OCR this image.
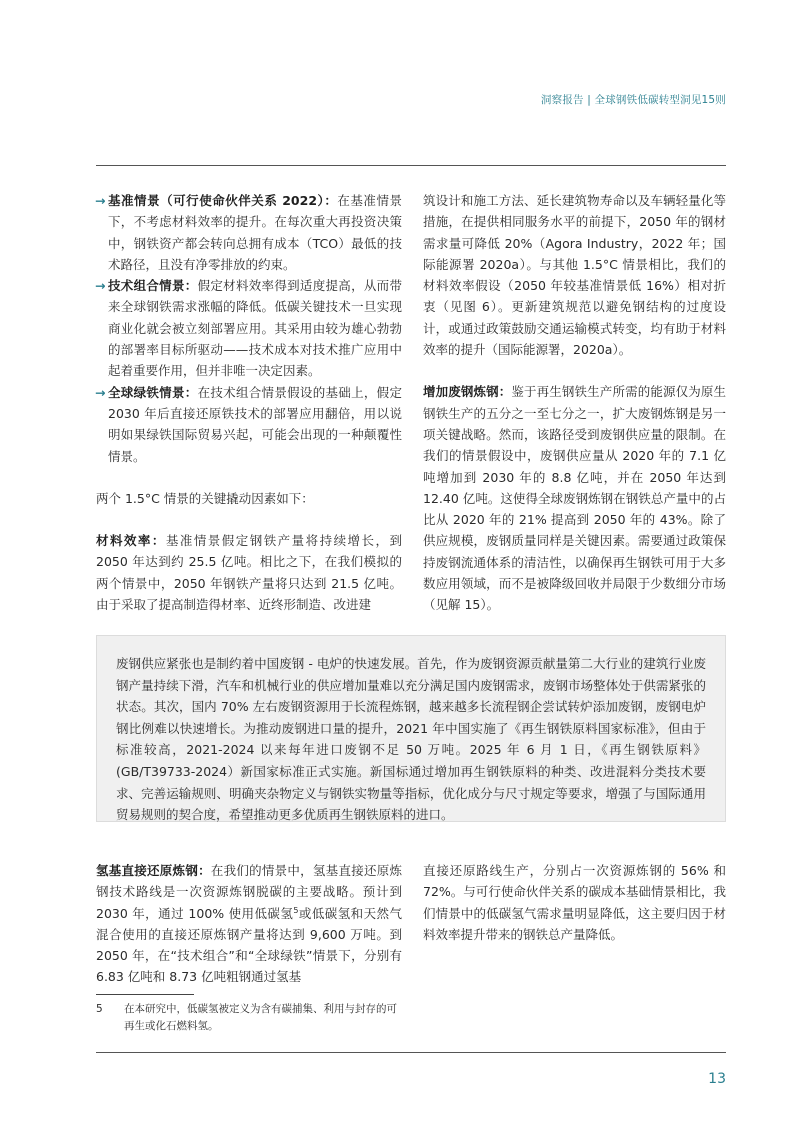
洞察报告 | 全球钢铁低碳转型洞见15则
→ 基准情景（可行使命伙伴关系 2022）：在基准情景下，不考虑材料效率的提升。在每次重大再投资决策中，钢铁资产都会转向总拥有成本（TCO）最低的技术路径，且没有净零排放的约束。
→ 技术组合情景：假定材料效率得到适度提高，从而带来全球钢铁需求涨幅的降低。低碳关键技术一旦实现商业化就会被立刻部署应用。其采用由较为雄心勃勃的部署率目标所驱动——技术成本对技术推广应用中起着重要作用，但并非唯一决定因素。
→ 全球绿铁情景：在技术组合情景假设的基础上，假定 2030 年后直接还原铁技术的部署应用翻倍，用以说明如果绿铁国际贸易兴起，可能会出现的一种颠覆性情景。

两个 1.5°C 情景的关键撬动因素如下：

材料效率：基准情景假定钢铁产量将持续增长，到 2050 年达到约 25.5 亿吨。相比之下，在我们模拟的两个情景中，2050 年钢铁产量将只达到 21.5 亿吨。由于采取了提高制造得材率、近终形制造、改进建

筑设计和施工方法、延长建筑物寿命以及车辆轻量化等措施，在提供相同服务水平的前提下，2050 年的钢材需求量可降低 20%（Agora Industry，2022 年；国际能源署 2020a）。与其他 1.5°C 情景相比，我们的材料效率假设（2050 年较基准情景低 16%）相对折衷（见图 6）。更新建筑规范以避免钢结构的过度设计，或通过政策鼓励交通运输模式转变，均有助于材料效率的提升（国际能源署，2020a）。

增加废钢炼钢：鉴于再生钢铁生产所需的能源仅为原生钢铁生产的五分之一至七分之一，扩大废钢炼钢是另一项关键战略。然而，该路径受到废钢供应量的限制。在我们的情景假设中，废钢供应量从 2020 年的 7.1 亿吨增加到 2030 年的 8.8 亿吨，并在 2050 年达到 12.40 亿吨。这使得全球废钢炼钢在钢铁总产量中的占比从 2020 年的 21% 提高到 2050 年的 43%。除了供应规模，废钢质量同样是关键因素。需要通过政策保持废钢流通体系的清洁性，以确保再生钢铁可用于大多数应用领域，而不是被降级回收并局限于少数细分市场（见解 15）。

废钢供应紧张也是制约着中国废钢 - 电炉的快速发展。首先，作为废钢资源贡献量第二大行业的建筑行业废钢产量持续下滑，汽车和机械行业的供应增加量难以充分满足国内废钢需求，废钢市场整体处于供需紧张的状态。其次，国内 70% 左右废钢资源用于长流程炼钢，越来越多长流程钢企尝试转炉添加废钢，废钢电炉钢比例难以快速增长。为推动废钢进口量的提升，2021 年中国实施了《再生钢铁原料国家标准》，但由于标准较高，2021-2024 以来每年进口废钢不足 50 万吨。2025 年 6 月 1 日，《再生钢铁原料》(GB/T39733-2024）新国家标准正式实施。新国标通过增加再生钢铁原料的种类、改进混料分类技术要求、完善运输规则、明确夹杂物定义与钢铁实物量等指标，优化成分与尺寸规定等要求，增强了与国际通用贸易规则的契合度，希望推动更多优质再生钢铁原料的进口。

氢基直接还原炼钢：在我们的情景中，氢基直接还原炼钢技术路线是一次资源炼钢脱碳的主要战略。预计到 2030 年，通过 100% 使用低碳氢$^5$或低碳氢和天然气混合使用的直接还原炼钢产量将达到 9,600 万吨。到 2050 年，在“技术组合”和“全球绿铁”情景下，分别有 6.83 亿吨和 8.73 亿吨粗钢通过氢基

直接还原路线生产，分别占一次资源炼钢的 56% 和 72%。与可行使命伙伴关系的碳成本基础情景相比，我们情景中的低碳氢气需求量明显降低，这主要归因于材料效率提升带来的钢铁总产量降低。

5 在本研究中，低碳氢被定义为含有碳捕集、利用与封存的可再生或化石燃料氢。
13
